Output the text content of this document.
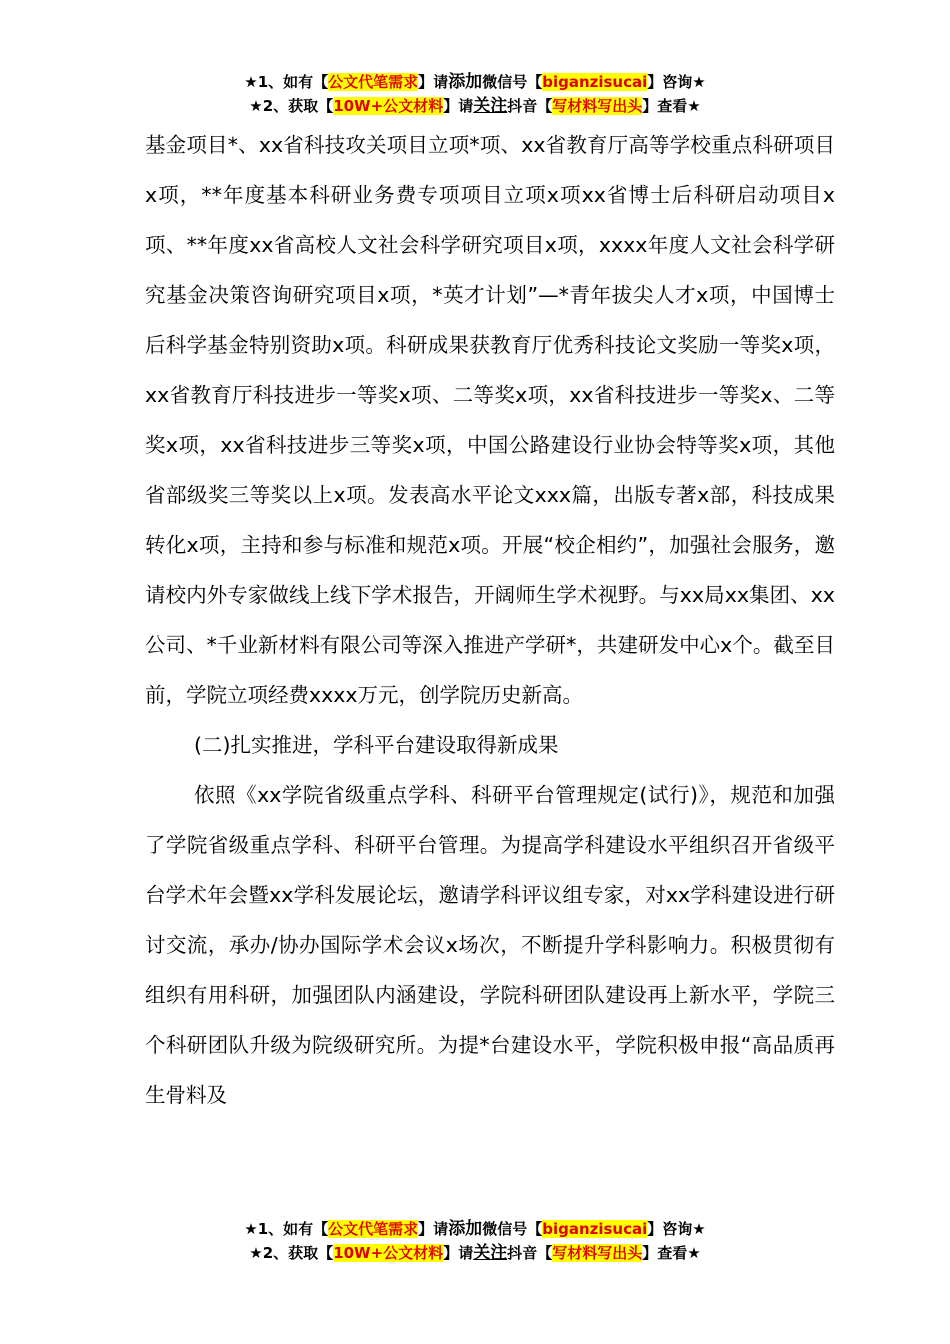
★1、如有【公文代笔需求】请添加微信号【biganzisucai】咨询★
★2、获取【10W+公文材料】请关注抖音【写材料写出头】查看★

基金项目*、xx省科技攻关项目立项*项、xx省教育厅高等学校重点科研项目x项，**年度基本科研业务费专项项目立项x项xx省博士后科研启动项目x项、**年度xx省高校人文社会科学研究项目x项，xxxx年度人文社会科学研究基金决策咨询研究项目x项，*英才计划”—*青年拔尖人才x项，中国博士后科学基金特别资助x项。科研成果获教育厅优秀科技论文奖励一等奖x项，xx省教育厅科技进步一等奖x项、二等奖x项，xx省科技进步一等奖x、二等奖x项，xx省科技进步三等奖x项，中国公路建设行业协会特等奖x项，其他省部级奖三等奖以上x项。发表高水平论文xxx篇，出版专著x部，科技成果转化x项，主持和参与标准和规范x项。开展“校企相约”，加强社会服务，邀请校内外专家做线上线下学术报告，开阔师生学术视野。与xx局xx集团、xx公司、*千业新材料有限公司等深入推进产学研*，共建研发中心x个。截至目前，学院立项经费xxxx万元，创学院历史新高。

(二)扎实推进，学科平台建设取得新成果

依照《xx学院省级重点学科、科研平台管理规定(试行)》，规范和加强了学院省级重点学科、科研平台管理。为提高学科建设水平组织召开省级平台学术年会暨xx学科发展论坛，邀请学科评议组专家，对xx学科建设进行研讨交流，承办/协办国际学术会议x场次，不断提升学科影响力。积极贯彻有组织有用科研，加强团队内涵建设，学院科研团队建设再上新水平，学院三个科研团队升级为院级研究所。为提*台建设水平，学院积极申报“高品质再生骨料及

★1、如有【公文代笔需求】请添加微信号【biganzisucai】咨询★
★2、获取【10W+公文材料】请关注抖音【写材料写出头】查看★
